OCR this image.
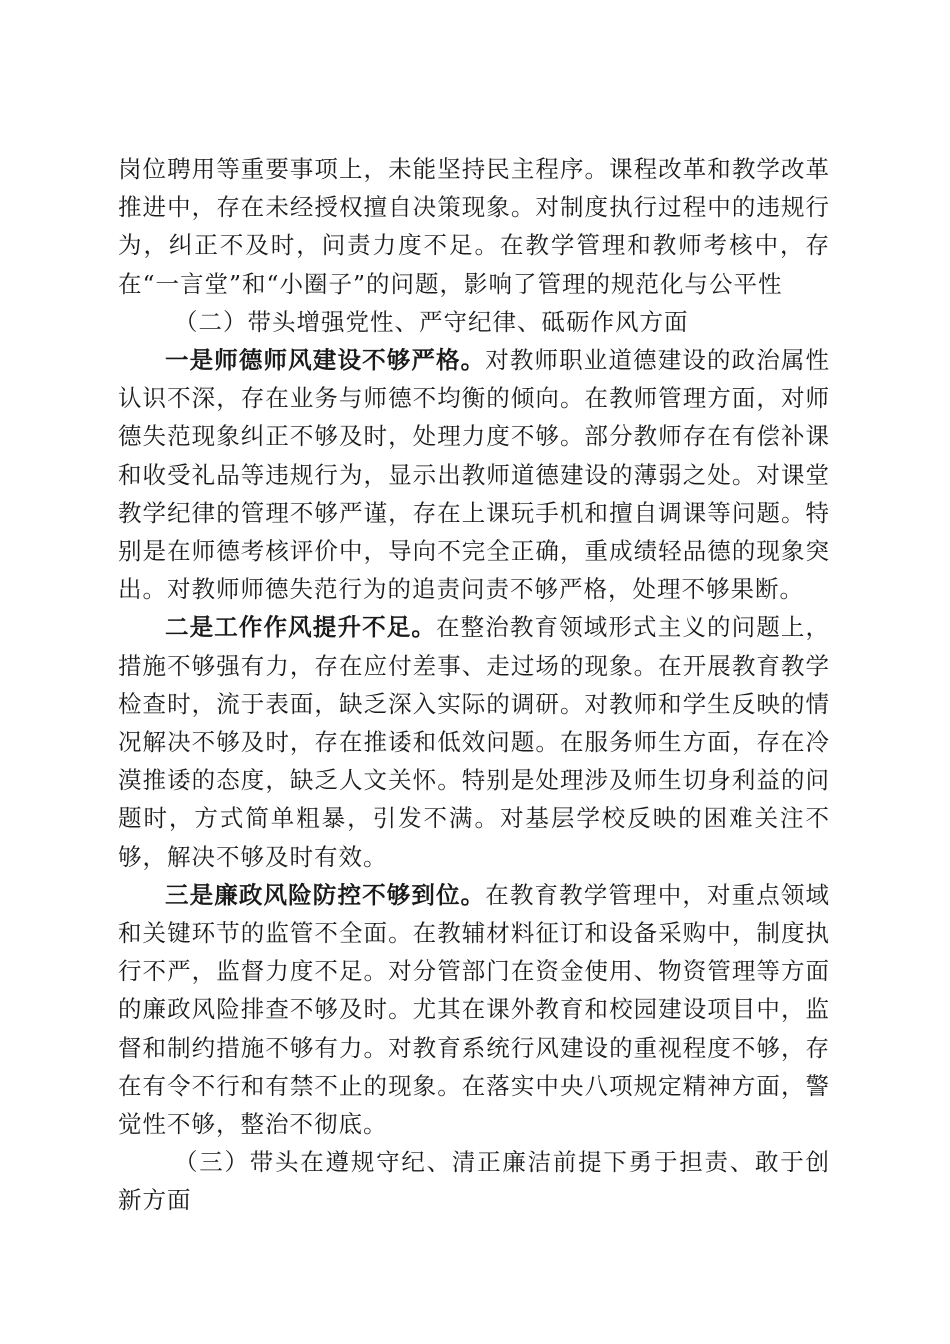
岗位聘用等重要事项上，未能坚持民主程序。课程改革和教学改革推进中，存在未经授权擅自决策现象。对制度执行过程中的违规行为，纠正不及时，问责力度不足。在教学管理和教师考核中，存在“一言堂”和“小圈子”的问题，影响了管理的规范化与公平性

（二）带头增强党性、严守纪律、砥砺作风方面

一是师德师风建设不够严格。对教师职业道德建设的政治属性认识不深，存在业务与师德不均衡的倾向。在教师管理方面，对师德失范现象纠正不够及时，处理力度不够。部分教师存在有偿补课和收受礼品等违规行为，显示出教师道德建设的薄弱之处。对课堂教学纪律的管理不够严谨，存在上课玩手机和擅自调课等问题。特别是在师德考核评价中，导向不完全正确，重成绩轻品德的现象突出。对教师师德失范行为的追责问责不够严格，处理不够果断。

二是工作作风提升不足。在整治教育领域形式主义的问题上，措施不够强有力，存在应付差事、走过场的现象。在开展教育教学检查时，流于表面，缺乏深入实际的调研。对教师和学生反映的情况解决不够及时，存在推诿和低效问题。在服务师生方面，存在冷漠推诿的态度，缺乏人文关怀。特别是处理涉及师生切身利益的问题时，方式简单粗暴，引发不满。对基层学校反映的困难关注不够，解决不够及时有效。

三是廉政风险防控不够到位。在教育教学管理中，对重点领域和关键环节的监管不全面。在教辅材料征订和设备采购中，制度执行不严，监督力度不足。对分管部门在资金使用、物资管理等方面的廉政风险排查不够及时。尤其在课外教育和校园建设项目中，监督和制约措施不够有力。对教育系统行风建设的重视程度不够，存在有令不行和有禁不止的现象。在落实中央八项规定精神方面，警觉性不够，整治不彻底。

（三）带头在遵规守纪、清正廉洁前提下勇于担责、敢于创新方面
